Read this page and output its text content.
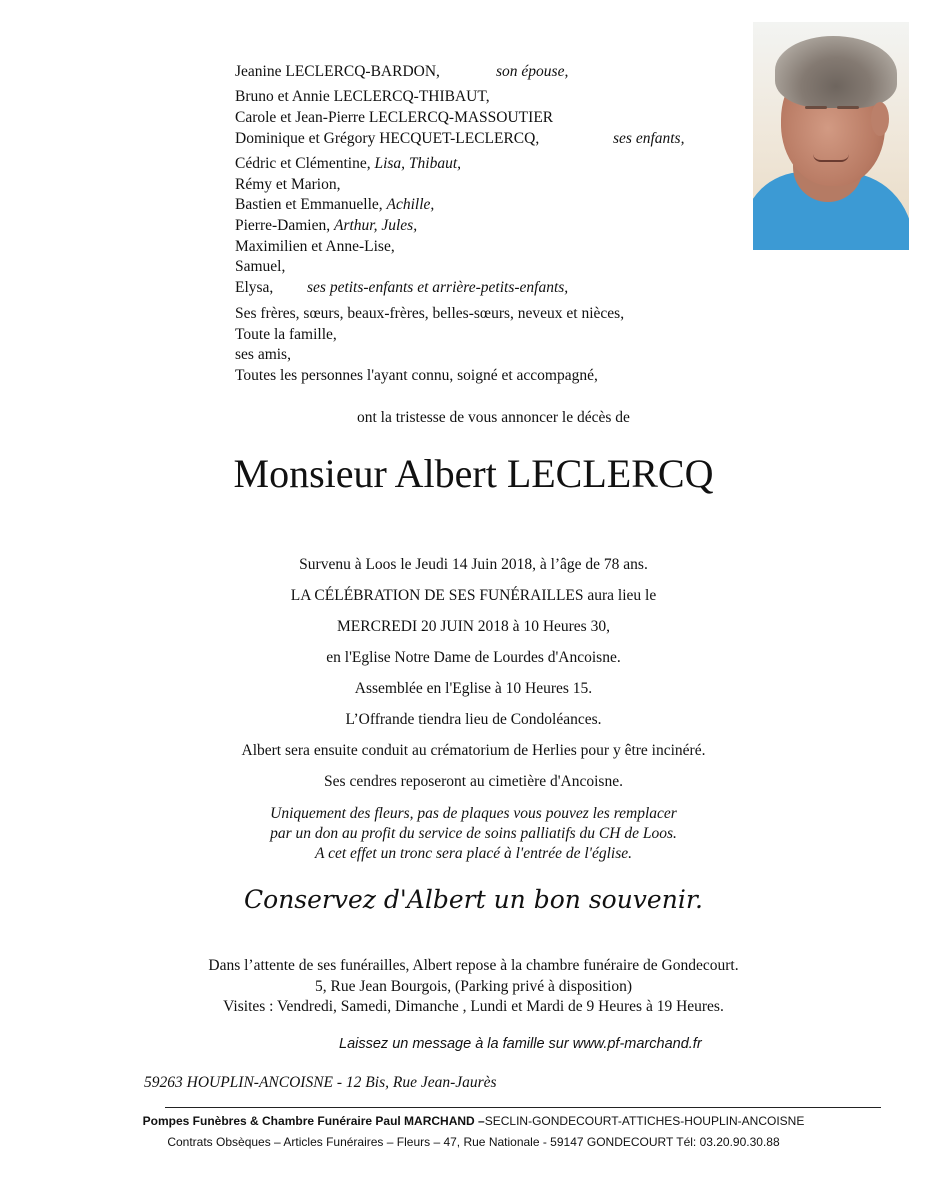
Jeanine LECLERCQ-BARDON,	son épouse,
Bruno et Annie LECLERCQ-THIBAUT,
Carole et Jean-Pierre LECLERCQ-MASSOUTIER
Dominique et Grégory HECQUET-LECLERCQ,	ses enfants,
Cédric et Clémentine, Lisa, Thibaut,
Rémy et Marion,
Bastien et Emmanuelle, Achille,
Pierre-Damien, Arthur, Jules,
Maximilien et Anne-Lise,
Samuel,
Elysa, ses petits-enfants et arrière-petits-enfants,
Ses frères, sœurs, beaux-frères, belles-sœurs, neveux et nièces,
Toute la famille,
ses amis,
Toutes les personnes l'ayant connu, soigné et accompagné,
ont la tristesse de vous annoncer le décès de
Monsieur Albert LECLERCQ
Survenu à Loos le Jeudi 14 Juin 2018, à l’âge de 78 ans.
LA CÉLÉBRATION DE SES FUNÉRAILLES aura lieu le
MERCREDI 20 JUIN 2018 à 10 Heures 30,
en l'Eglise Notre Dame de Lourdes d'Ancoisne.
Assemblée en l'Eglise à 10 Heures 15.
L’Offrande tiendra lieu de Condoléances.
Albert sera ensuite conduit au crématorium de Herlies pour y être incinéré.
Ses cendres reposeront au cimetière d'Ancoisne.
Uniquement des fleurs, pas de plaques vous pouvez les remplacer
par un don au profit du service de soins palliatifs du CH de Loos.
A cet effet un tronc sera placé à l'entrée de l'église.
Conservez d'Albert un bon souvenir.
Dans l’attente de ses funérailles, Albert repose à la chambre funéraire de Gondecourt.
5, Rue Jean Bourgois, (Parking privé à disposition)
Visites : Vendredi, Samedi, Dimanche , Lundi et Mardi de 9 Heures à 19 Heures.
Laissez un message à la famille sur www.pf-marchand.fr
59263 HOUPLIN-ANCOISNE - 12 Bis, Rue Jean-Jaurès
Pompes Funèbres & Chambre Funéraire Paul MARCHAND –SECLIN-GONDECOURT-ATTICHES-HOUPLIN-ANCOISNE
Contrats Obsèques – Articles Funéraires – Fleurs – 47, Rue Nationale - 59147 GONDECOURT Tél: 03.20.90.30.88
